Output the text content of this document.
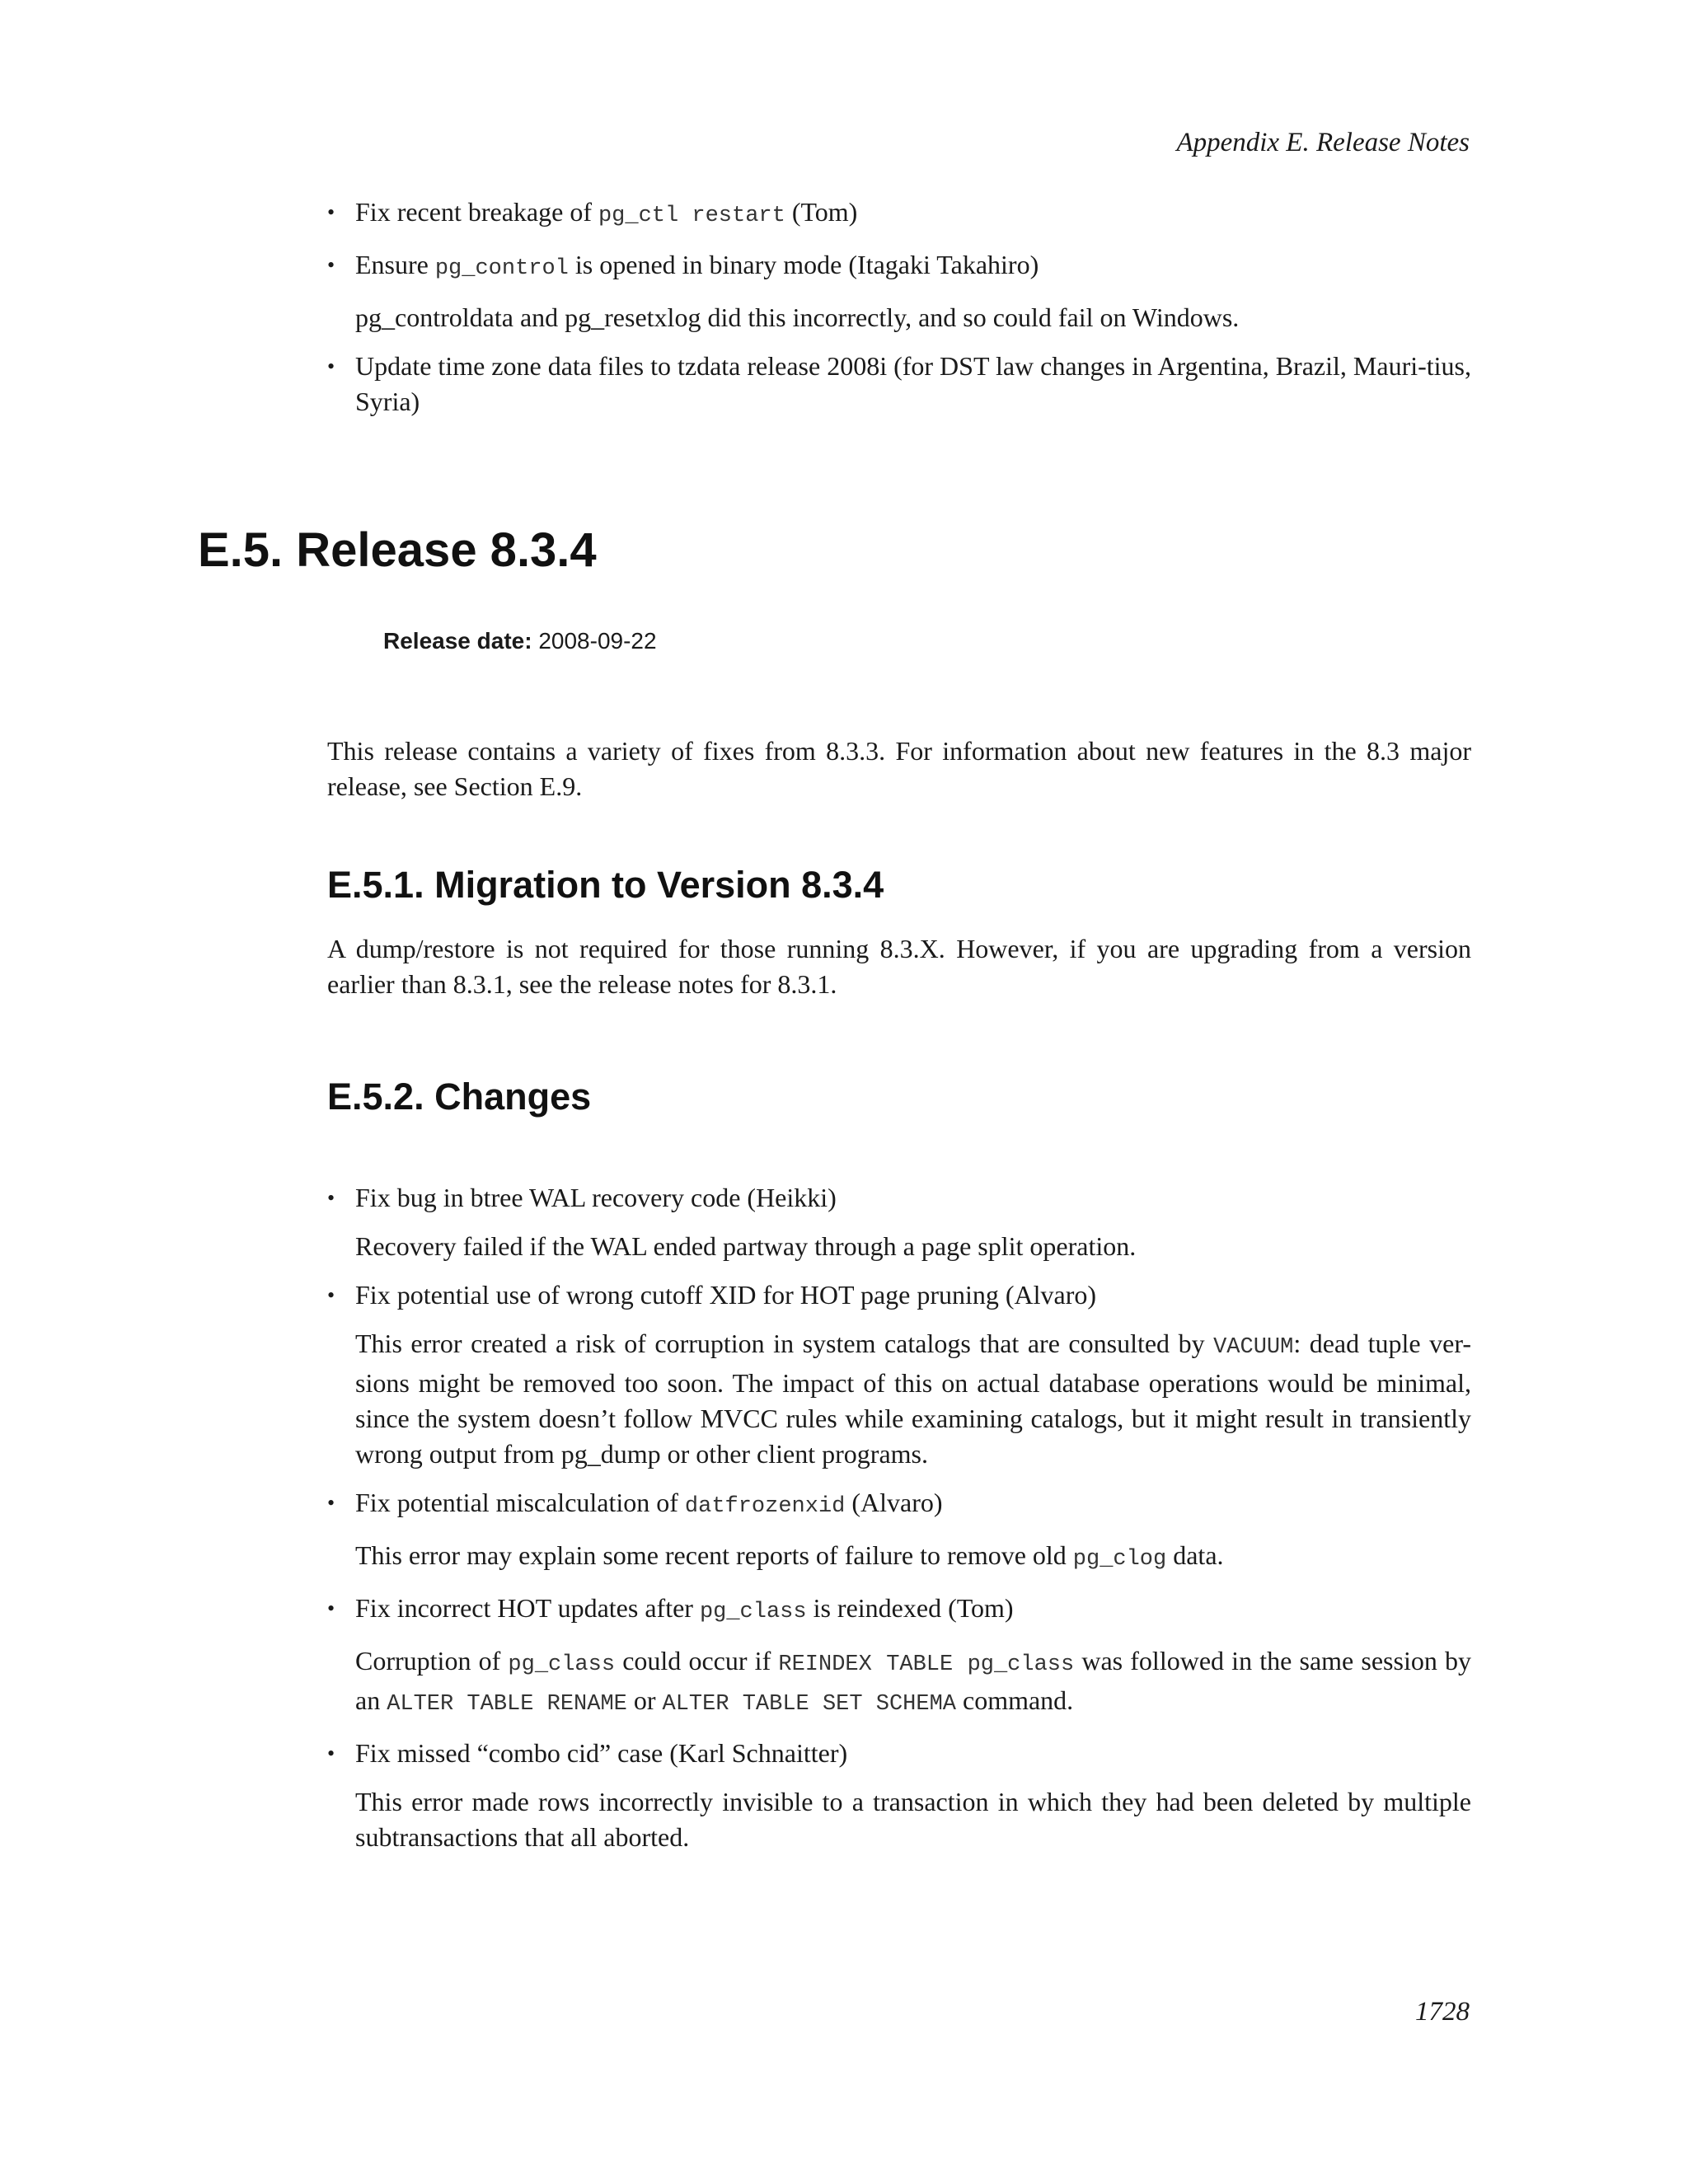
Appendix E. Release Notes
• Fix recent breakage of pg_ctl restart (Tom)

• Ensure pg_control is opened in binary mode (Itagaki Takahiro)

pg_controldata and pg_resetxlog did this incorrectly, and so could fail on Windows.

• Update time zone data files to tzdata release 2008i (for DST law changes in Argentina, Brazil, Mauri-tius, Syria)

E.5. Release 8.3.4
Release date: 2008-09-22

This release contains a variety of fixes from 8.3.3. For information about new features in the 8.3 major release, see Section E.9.

E.5.1. Migration to Version 8.3.4

A dump/restore is not required for those running 8.3.X. However, if you are upgrading from a version earlier than 8.3.1, see the release notes for 8.3.1.

E.5.2. Changes
• Fix bug in btree WAL recovery code (Heikki)

Recovery failed if the WAL ended partway through a page split operation.

• Fix potential use of wrong cutoff XID for HOT page pruning (Alvaro)

This error created a risk of corruption in system catalogs that are consulted by VACUUM: dead tuple ver-sions might be removed too soon. The impact of this on actual database operations would be minimal, since the system doesn’t follow MVCC rules while examining catalogs, but it might result in transiently wrong output from pg_dump or other client programs.

• Fix potential miscalculation of datfrozenxid (Alvaro)

This error may explain some recent reports of failure to remove old pg_clog data.

• Fix incorrect HOT updates after pg_class is reindexed (Tom)

Corruption of pg_class could occur if REINDEX TABLE pg_class was followed in the same session by an ALTER TABLE RENAME or ALTER TABLE SET SCHEMA command.

• Fix missed “combo cid” case (Karl Schnaitter)

This error made rows incorrectly invisible to a transaction in which they had been deleted by multiple subtransactions that all aborted.

1728
